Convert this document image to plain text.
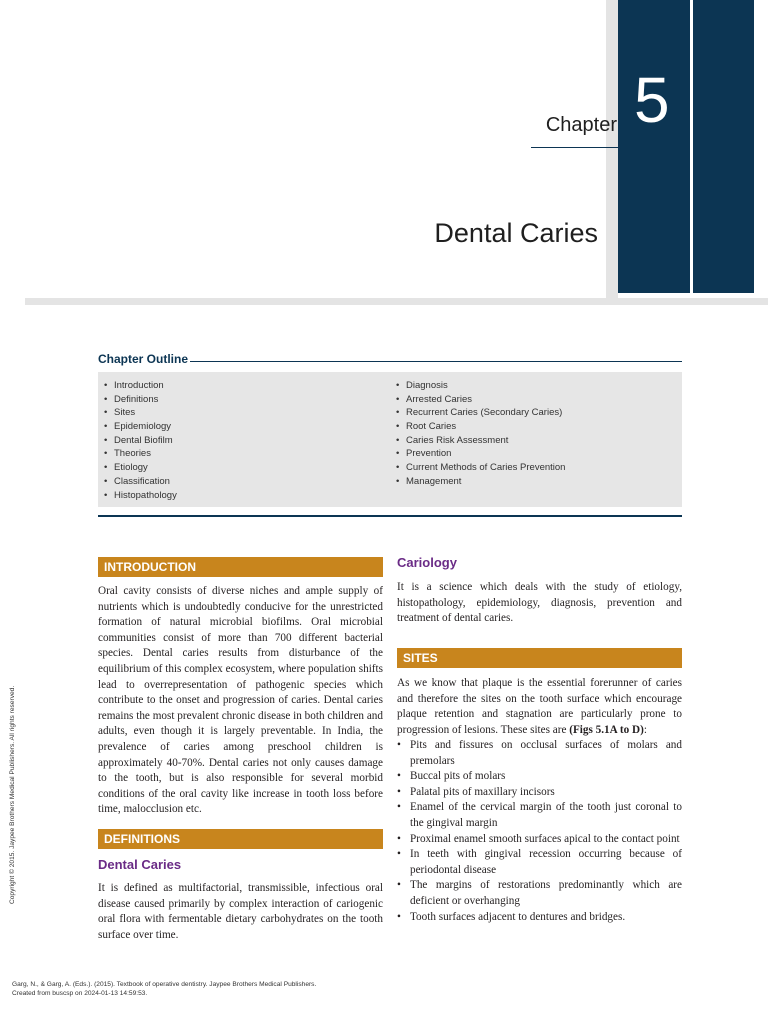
Chapter 5
Dental Caries
Chapter Outline
• Introduction
• Definitions
• Sites
• Epidemiology
• Dental Biofilm
• Theories
• Etiology
• Classification
• Histopathology
• Diagnosis
• Arrested Caries
• Recurrent Caries (Secondary Caries)
• Root Caries
• Caries Risk Assessment
• Prevention
• Current Methods of Caries Prevention
• Management
INTRODUCTION

Oral cavity consists of diverse niches and ample supply of nutrients which is undoubtedly conducive for the unrestricted formation of natural microbial biofilms. Oral microbial communities consist of more than 700 different bacterial species. Dental caries results from disturbance of the equilibrium of this complex ecosystem, where population shifts lead to overrepresentation of pathogenic species which contribute to the onset and progression of caries. Dental caries remains the most prevalent chronic disease in both children and adults, even though it is largely preventable. In India, the prevalence of caries among preschool children is approximately 40-70%. Dental caries not only causes damage to the tooth, but is also responsible for several morbid conditions of the oral cavity like increase in tooth loss before time, malocclusion etc.

DEFINITIONS
Dental Caries

It is defined as multifactorial, transmissible, infectious oral disease caused primarily by complex interaction of cariogenic oral flora with fermentable dietary carbohydrates on the tooth surface over time.

Cariology

It is a science which deals with the study of etiology, histopathology, epidemiology, diagnosis, prevention and treatment of dental caries.

SITES

As we know that plaque is the essential forerunner of caries and therefore the sites on the tooth surface which encourage plaque retention and stagnation are particularly prone to progression of lesions. These sites are (Figs 5.1A to D):

• Pits and fissures on occlusal surfaces of molars and premolars
• Buccal pits of molars
• Palatal pits of maxillary incisors
• Enamel of the cervical margin of the tooth just coronal to the gingival margin
• Proximal enamel smooth surfaces apical to the contact point
• In teeth with gingival recession occurring because of periodontal disease
• The margins of restorations predominantly which are deficient or overhanging
• Tooth surfaces adjacent to dentures and bridges.
Copyright © 2015. Jaypee Brothers Medical Publishers. All rights reserved.
Garg, N., & Garg, A. (Eds.). (2015). Textbook of operative dentistry. Jaypee Brothers Medical Publishers.
Created from buscsp on 2024-01-13 14:59:53.
